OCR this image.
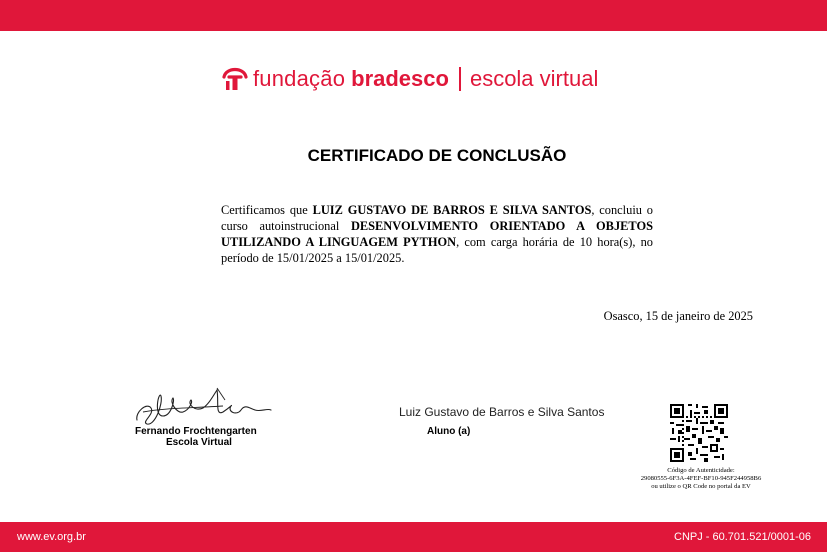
fundação bradesco escola virtual
CERTIFICADO DE CONCLUSÃO
Certificamos que LUIZ GUSTAVO DE BARROS E SILVA SANTOS, concluiu o curso autoinstrucional DESENVOLVIMENTO ORIENTADO A OBJETOS UTILIZANDO A LINGUAGEM PYTHON, com carga horária de 10 hora(s), no período de 15/01/2025 a 15/01/2025.
Osasco, 15 de janeiro de 2025
Fernando Frochtengarten
Escola Virtual
Luiz Gustavo de Barros e Silva Santos
Aluno (a)
Código de Autenticidade:
29080555-6F3A-4FEF-BF10-945F244958B6
ou utilize o QR Code no portal da EV
www.ev.org.br	CNPJ - 60.701.521/0001-06
